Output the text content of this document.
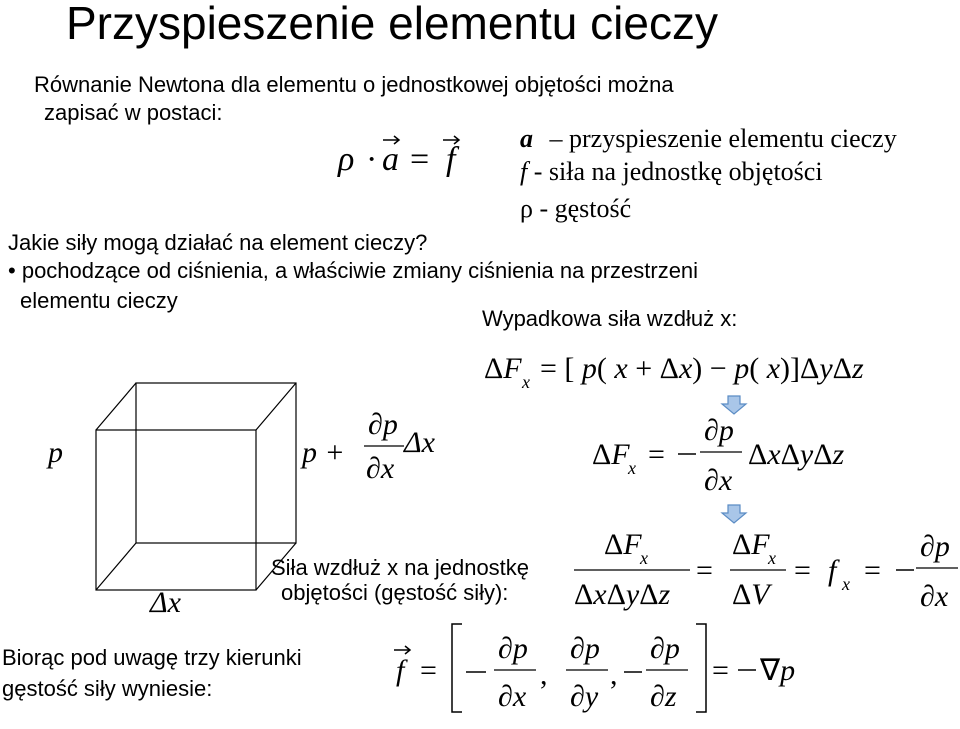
Przyspieszenie elementu cieczy
Równanie Newtona dla elementu o jednostkowej objętości można
zapisać w postaci:
Jakie siły mogą działać na element cieczy?
• pochodzące od ciśnienia, a właściwie zmiany ciśnienia na przestrzeni
elementu cieczy
Wypadkowa siła wzdłuż x:
a – przyspieszenie elementu cieczy
f - siła na jednostkę objętości
ρ - gęstość
Siła wzdłuż x na jednostkę
objętości (gęstość siły):
Biorąc pod uwagę trzy kierunki
gęstość siły wyniesie:
ρ · a = f
p
Δx
p +
∂p
∂x
Δx
ΔF x = [ p( x + Δx) − p( x)]ΔyΔz
ΔF
x =
∂p
∂x
ΔxΔyΔz
ΔF
x
ΔxΔyΔz
=
ΔF
x
ΔV
= f x =
∂p
∂x
f =
∂p
∂x
,
∂p
∂y
,
∂p
∂z
= ∇p
